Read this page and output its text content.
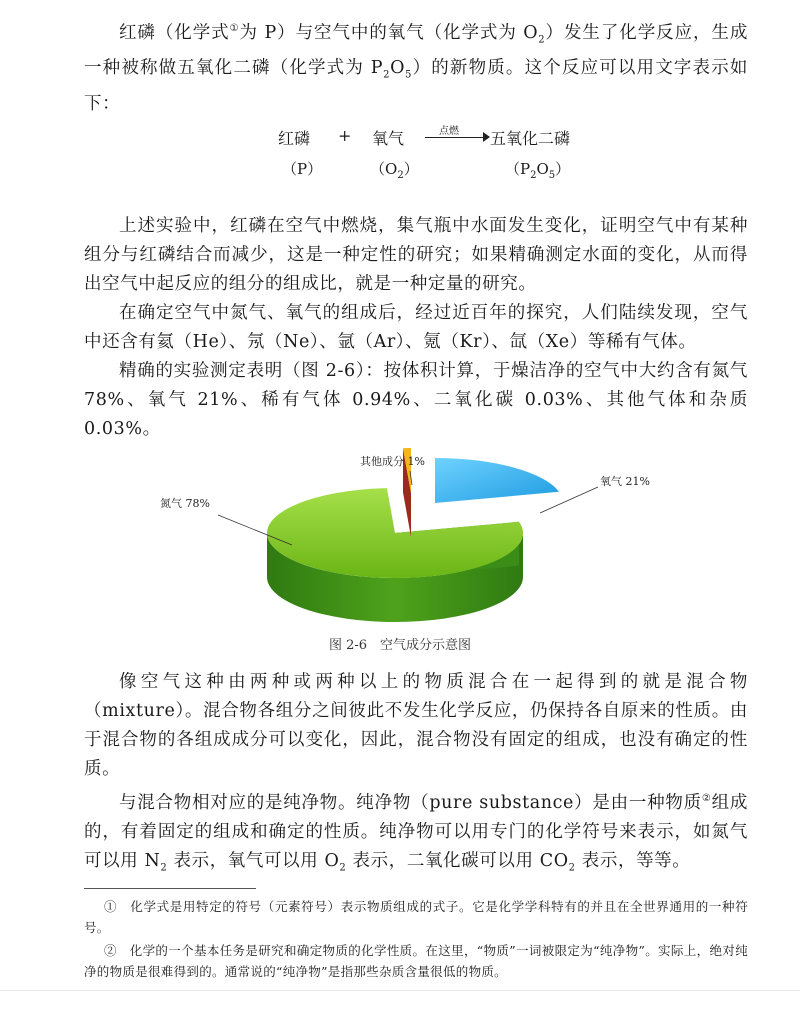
红磷（化学式①为 P）与空气中的氧气（化学式为 $O_2$）发生了化学反应，生成一种被称做五氧化二磷（化学式为 $P_2O_5$）的新物质。这个反应可以用文字表示如下：

红磷 + 氧气	点燃 五氧化二磷
（P）	$(O_2)$	$(P_2O_5)$

上述实验中，红磷在空气中燃烧，集气瓶中水面发生变化，证明空气中有某种组分与红磷结合而减少，这是一种定性的研究；如果精确测定水面的变化，从而得出空气中起反应的组分的组成比，就是一种定量的研究。

在确定空气中氮气、氧气的组成后，经过近百年的探究，人们陆续发现，空气中还含有氦（He）、氖（Ne）、氩（Ar）、氪（Kr）、氙（Xe）等稀有气体。

精确的实验测定表明（图 2-6）：按体积计算，于燥洁净的空气中大约含有氮气 78%、氧气 21%、稀有气体 0.94%、二氧化碳 0.03%、其他气体和杂质 0.03%。

氮气 78%
氧气 21%
其他成分 1%
图 2-6　空气成分示意图

像空气这种由两种或两种以上的物质混合在一起得到的就是混合物（mixture）。混合物各组分之间彼此不发生化学反应，仍保持各自原来的性质。由于混合物的各组成成分可以变化，因此，混合物没有固定的组成，也没有确定的性质。

与混合物相对应的是纯净物。纯净物（pure substance）是由一种物质②组成的，有着固定的组成和确定的性质。纯净物可以用专门的化学符号来表示，如氮气可以用 $N_2$ 表示，氧气可以用 $O_2$ 表示，二氧化碳可以用 $CO_2$ 表示，等等。

①　化学式是用特定的符号（元素符号）表示物质组成的式子。它是化学学科特有的并且在全世界通用的一种符号。

②　化学的一个基本任务是研究和确定物质的化学性质。在这里，“物质”一词被限定为“纯净物”。实际上，绝对纯净的物质是很难得到的。通常说的“纯净物”是指那些杂质含量很低的物质。
